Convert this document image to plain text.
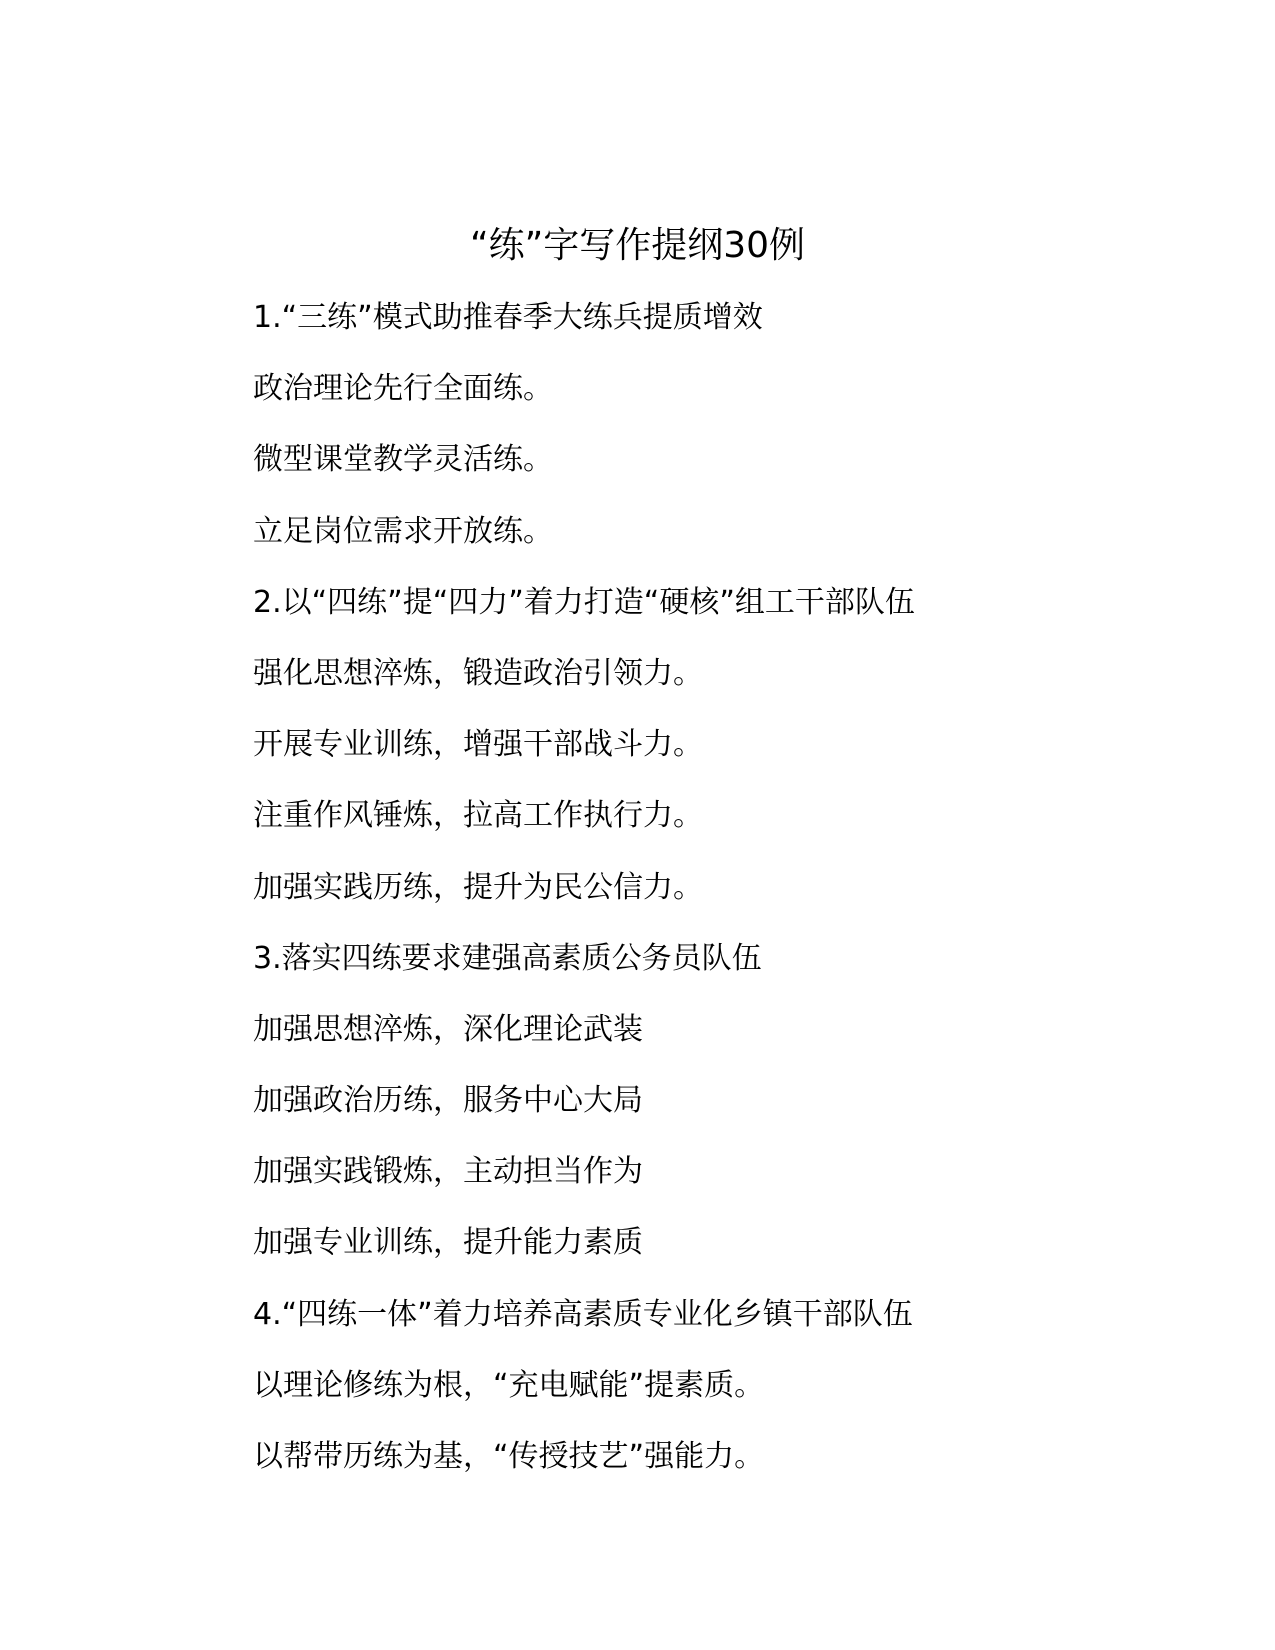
“练”字写作提纲30例
1.“三练”模式助推春季大练兵提质增效
政治理论先行全面练。
微型课堂教学灵活练。
立足岗位需求开放练。
2.以“四练”提“四力”着力打造“硬核”组工干部队伍
强化思想淬炼，锻造政治引领力。
开展专业训练，增强干部战斗力。
注重作风锤炼，拉高工作执行力。
加强实践历练，提升为民公信力。
3.落实四练要求建强高素质公务员队伍
加强思想淬炼，深化理论武装
加强政治历练，服务中心大局
加强实践锻炼，主动担当作为
加强专业训练，提升能力素质
4.“四练一体”着力培养高素质专业化乡镇干部队伍
以理论修练为根，“充电赋能”提素质。
以帮带历练为基，“传授技艺”强能力。
